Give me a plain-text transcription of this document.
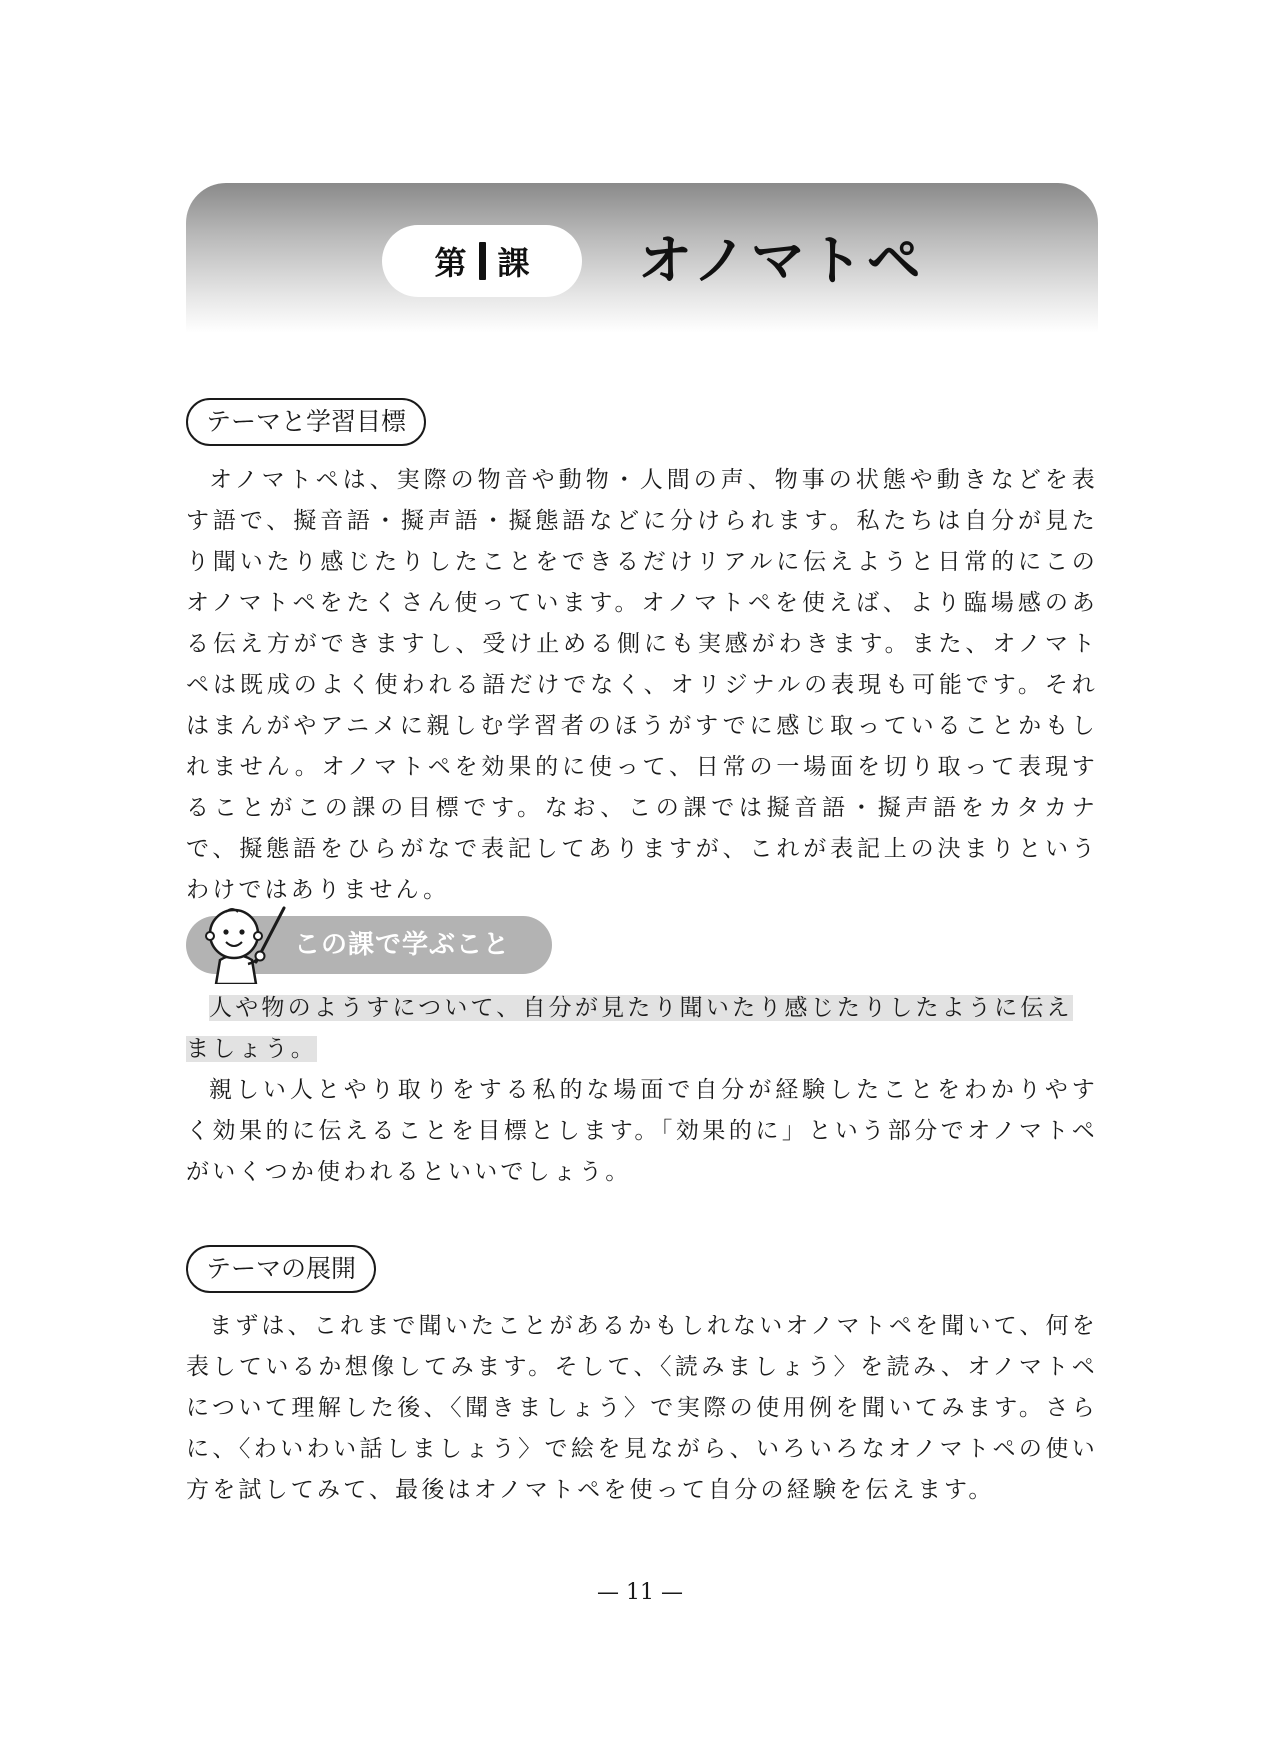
第 課 オノマトペ
テーマと学習目標

オノマトペは、実際の物音や動物・人間の声、物事の状態や動きなどを表す語で、擬音語・擬声語・擬態語などに分けられます。私たちは自分が見たり聞いたり感じたりしたことをできるだけリアルに伝えようと日常的にこのオノマトペをたくさん使っています。オノマトペを使えば、より臨場感のある伝え方ができますし、受け止める側にも実感がわきます。また、オノマトペは既成のよく使われる語だけでなく、オリジナルの表現も可能です。それはまんがやアニメに親しむ学習者のほうがすでに感じ取っていることかもしれません。オノマトペを効果的に使って、日常の一場面を切り取って表現することがこの課の目標です。なお、この課では擬音語・擬声語をカタカナで、擬態語をひらがなで表記してありますが、これが表記上の決まりというわけではありません。

この課で学ぶこと

人や物のようすについて、自分が見たり聞いたり感じたりしたように伝えましょう。

親しい人とやり取りをする私的な場面で自分が経験したことをわかりやすく効果的に伝えることを目標とします。「効果的に」という部分でオノマトペがいくつか使われるといいでしょう。

テーマの展開

まずは、これまで聞いたことがあるかもしれないオノマトペを聞いて、何を表しているか想像してみます。そして、〈読みましょう〉を読み、オノマトペについて理解した後、〈聞きましょう〉で実際の使用例を聞いてみます。さらに、〈わいわい話しましょう〉で絵を見ながら、いろいろなオノマトペの使い方を試してみて、最後はオノマトペを使って自分の経験を伝えます。

— 11 —
